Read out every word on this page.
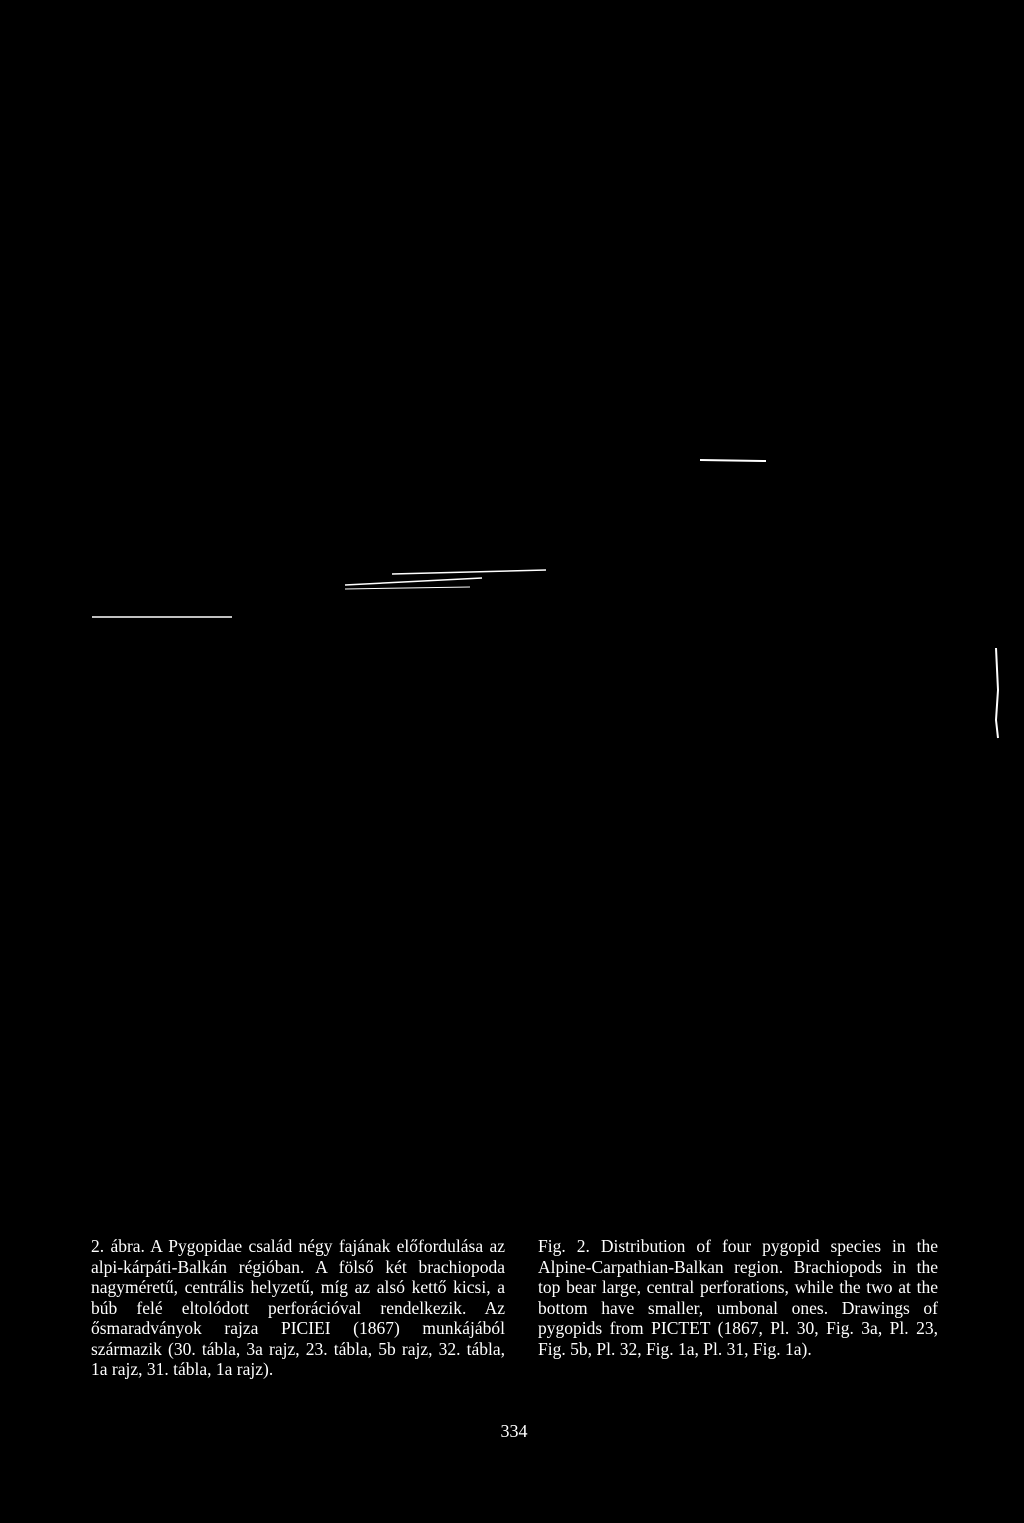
2. ábra. A Pygopidae család négy fajának előfordulása az alpi-kárpáti-Balkán régióban. A fölső két brachiopoda nagyméretű, centrális helyzetű, míg az alsó kettő kicsi, a búb felé eltolódott perforációval rendelkezik. Az ősmaradványok rajza PICIEI (1867) munkájából származik (30. tábla, 3a rajz, 23. tábla, 5b rajz, 32. tábla, 1a rajz, 31. tábla, 1a rajz).
Fig. 2. Distribution of four pygopid species in the Alpine-Carpathian-Balkan region. Brachiopods in the top bear large, central perforations, while the two at the bottom have smaller, umbonal ones. Drawings of pygopids from PICTET (1867, Pl. 30, Fig. 3a, Pl. 23, Fig. 5b, Pl. 32, Fig. 1a, Pl. 31, Fig. 1a).
334
